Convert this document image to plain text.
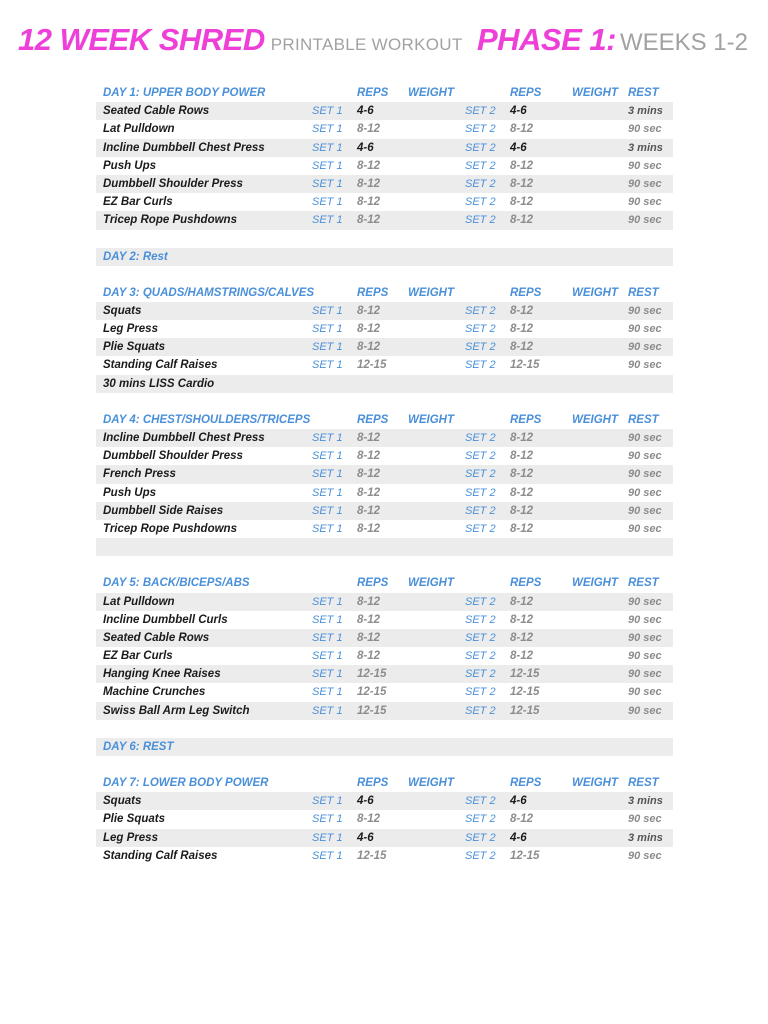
12 WEEK SHRED PRINTABLE WORKOUT PHASE 1: WEEKS 1-2
DAY 1: UPPER BODY POWER	REPS WEIGHT	REPS	WEIGHT REST
Seated Cable Rows	SET 1 4-6	SET 2 4-6	3 mins
Lat Pulldown	SET 1 8-12	SET 2 8-12	90 sec
Incline Dumbbell Chest Press	SET 1 4-6	SET 2 4-6	3 mins
Push Ups	SET 1 8-12	SET 2 8-12	90 sec
Dumbbell Shoulder Press	SET 1 8-12	SET 2 8-12	90 sec
EZ Bar Curls	SET 1 8-12	SET 2 8-12	90 sec
Tricep Rope Pushdowns	SET 1 8-12	SET 2 8-12	90 sec
DAY 2: Rest
DAY 3: QUADS/HAMSTRINGS/CALVES	REPS WEIGHT	REPS	WEIGHT REST
Squats	SET 1 8-12	SET 2 8-12	90 sec
Leg Press	SET 1 8-12	SET 2 8-12	90 sec
Plie Squats	SET 1 8-12	SET 2 8-12	90 sec
Standing Calf Raises	SET 1 12-15	SET 2 12-15	90 sec
30 mins LISS Cardio
DAY 4: CHEST/SHOULDERS/TRICEPS	REPS WEIGHT	REPS	WEIGHT REST
Incline Dumbbell Chest Press	SET 1 8-12	SET 2 8-12	90 sec
Dumbbell Shoulder Press	SET 1 8-12	SET 2 8-12	90 sec
French Press	SET 1 8-12	SET 2 8-12	90 sec
Push Ups	SET 1 8-12	SET 2 8-12	90 sec
Dumbbell Side Raises	SET 1 8-12	SET 2 8-12	90 sec
Tricep Rope Pushdowns	SET 1 8-12	SET 2 8-12	90 sec
DAY 5: BACK/BICEPS/ABS	REPS WEIGHT	REPS	WEIGHT REST
Lat Pulldown	SET 1 8-12	SET 2 8-12	90 sec
Incline Dumbbell Curls	SET 1 8-12	SET 2 8-12	90 sec
Seated Cable Rows	SET 1 8-12	SET 2 8-12	90 sec
EZ Bar Curls	SET 1 8-12	SET 2 8-12	90 sec
Hanging Knee Raises	SET 1 12-15	SET 2 12-15	90 sec
Machine Crunches	SET 1 12-15	SET 2 12-15	90 sec
Swiss Ball Arm Leg Switch	SET 1 12-15	SET 2 12-15	90 sec
DAY 6: REST
DAY 7: LOWER BODY POWER	REPS WEIGHT	REPS	WEIGHT REST
Squats	SET 1 4-6	SET 2 4-6	3 mins
Plie Squats	SET 1 8-12	SET 2 8-12	90 sec
Leg Press	SET 1 4-6	SET 2 4-6	3 mins
Standing Calf Raises	SET 1 12-15	SET 2 12-15	90 sec
